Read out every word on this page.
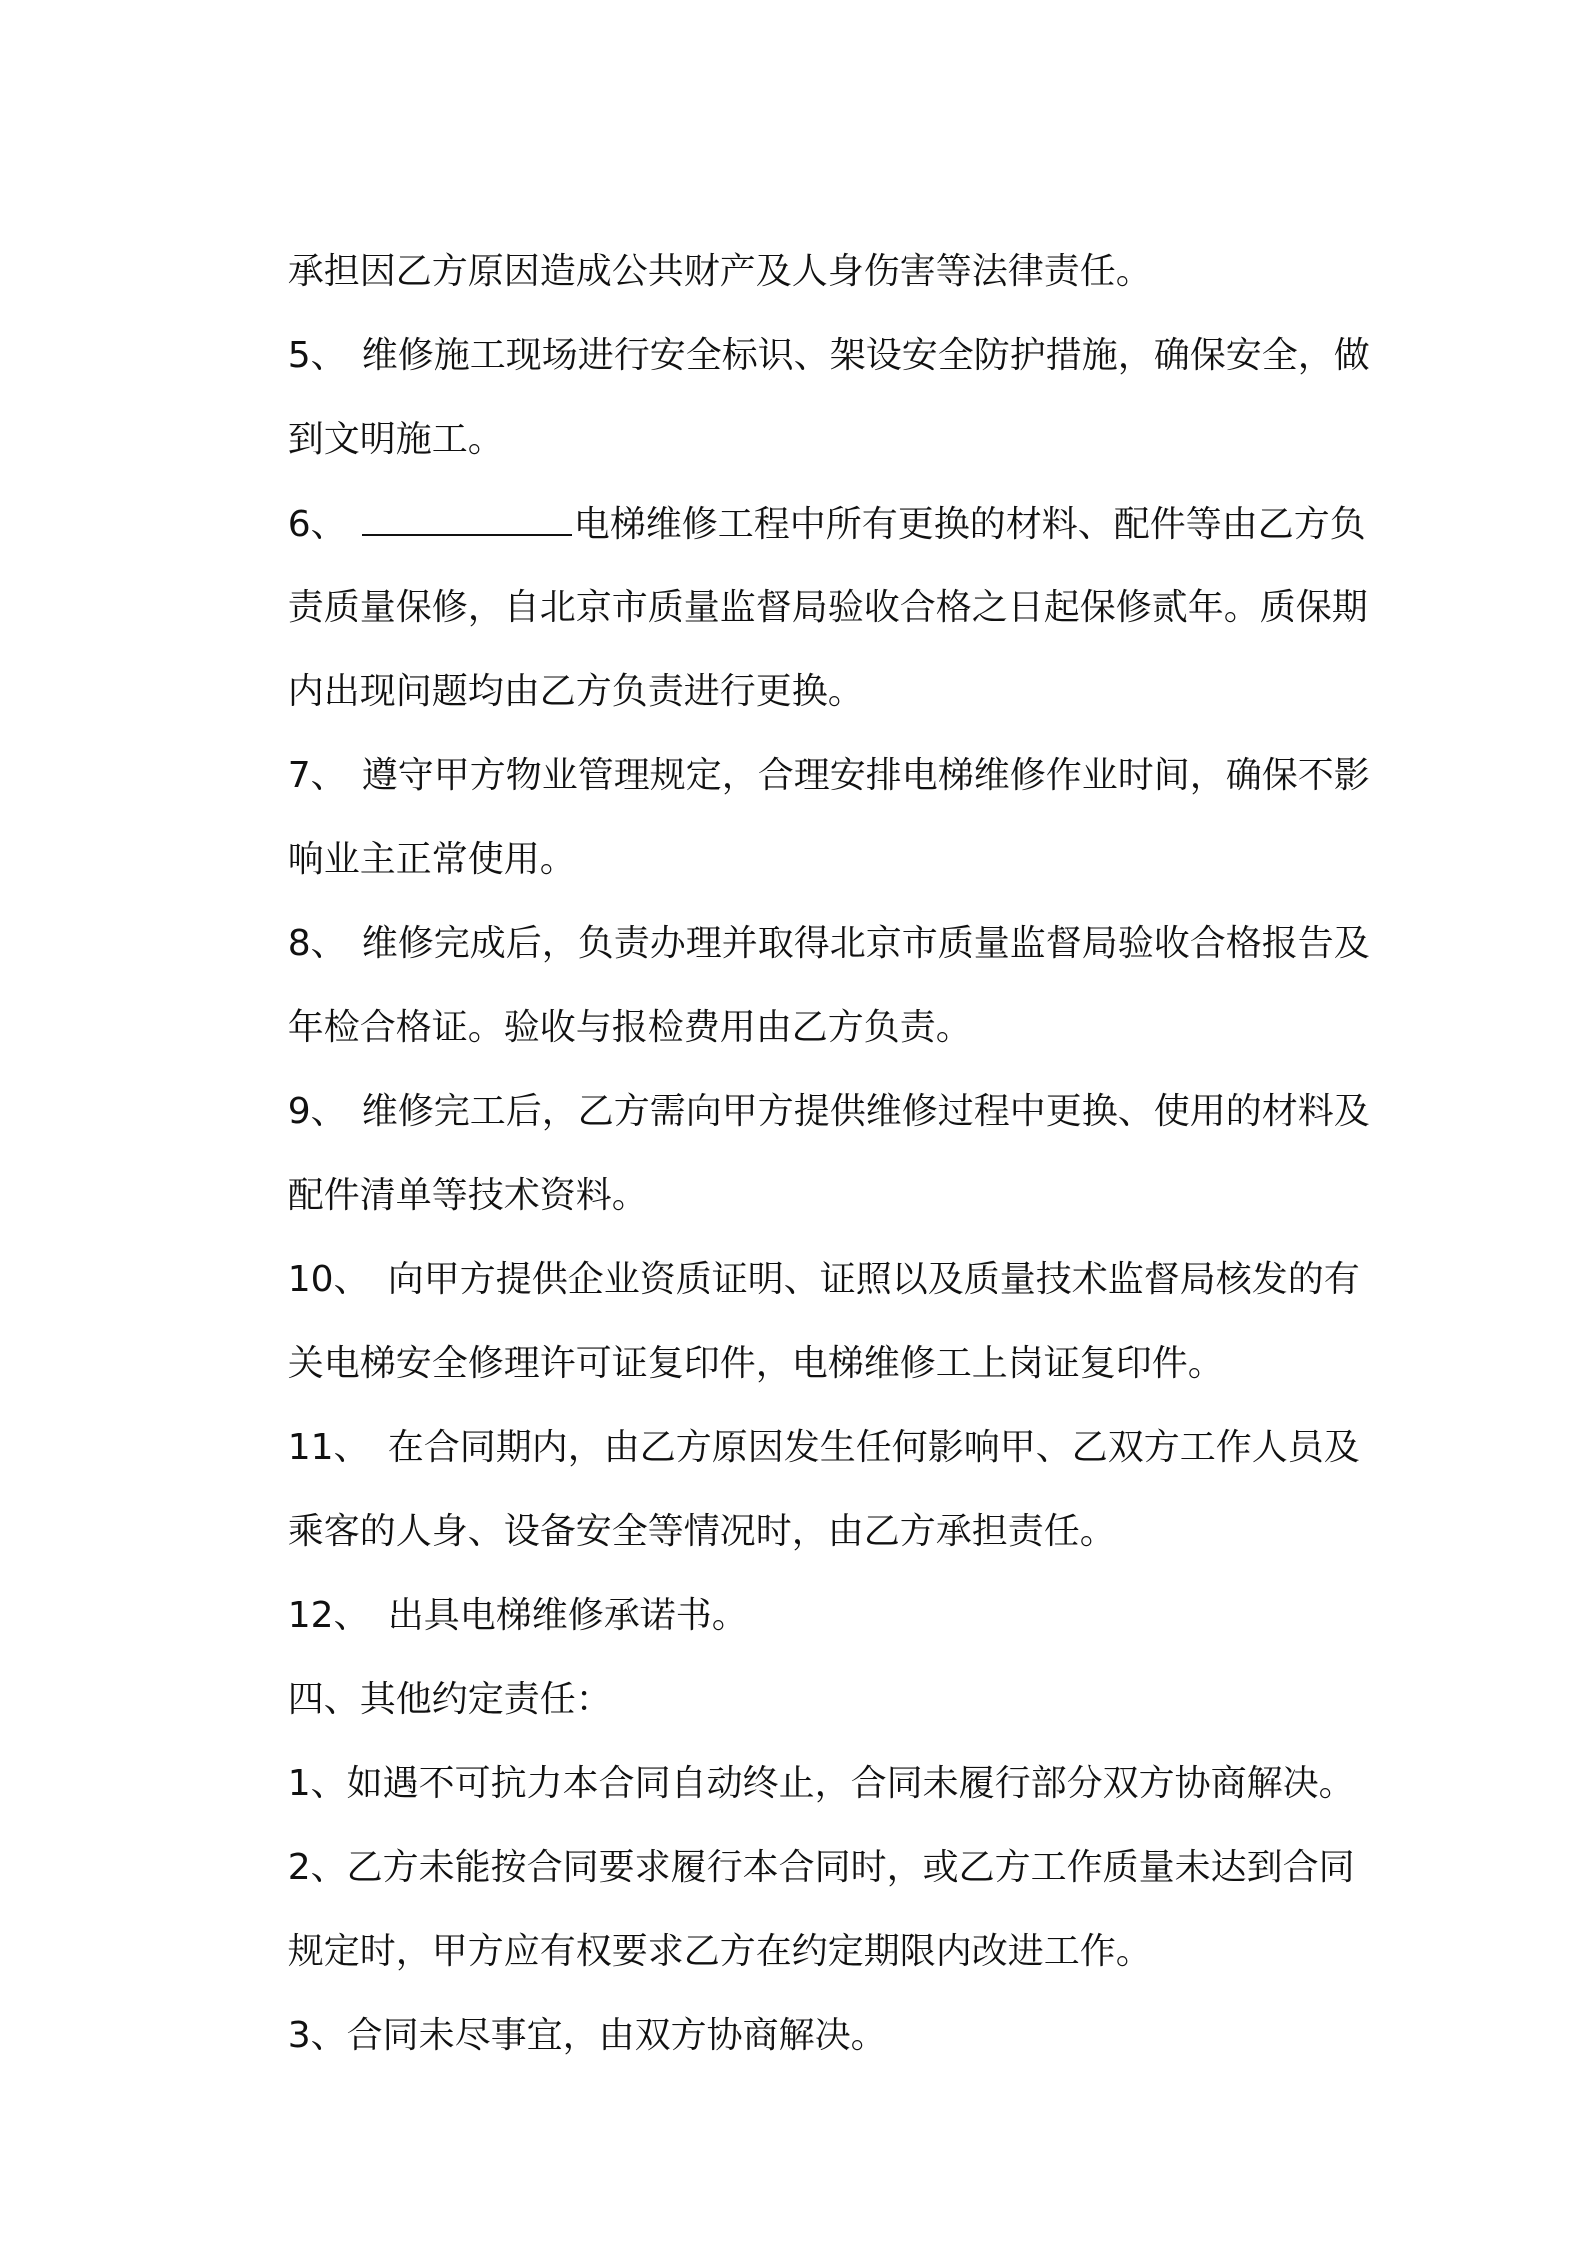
承担因乙方原因造成公共财产及人身伤害等法律责任。

5、 维修施工现场进行安全标识、架设安全防护措施，确保安全，做

到文明施工。

6、	电梯维修工程中所有更换的材料、配件等由乙方负

责质量保修，自北京市质量监督局验收合格之日起保修贰年。质保期

内出现问题均由乙方负责进行更换。

7、 遵守甲方物业管理规定，合理安排电梯维修作业时间，确保不影

响业主正常使用。

8、 维修完成后，负责办理并取得北京市质量监督局验收合格报告及

年检合格证。验收与报检费用由乙方负责。

9、 维修完工后，乙方需向甲方提供维修过程中更换、使用的材料及

配件清单等技术资料。

10、 向甲方提供企业资质证明、证照以及质量技术监督局核发的有

关电梯安全修理许可证复印件，电梯维修工上岗证复印件。

11、 在合同期内，由乙方原因发生任何影响甲、乙双方工作人员及

乘客的人身、设备安全等情况时，由乙方承担责任。

12、 出具电梯维修承诺书。

四、其他约定责任：

1、如遇不可抗力本合同自动终止，合同未履行部分双方协商解决。

2、乙方未能按合同要求履行本合同时，或乙方工作质量未达到合同

规定时，甲方应有权要求乙方在约定期限内改进工作。

3、合同未尽事宜，由双方协商解决。
